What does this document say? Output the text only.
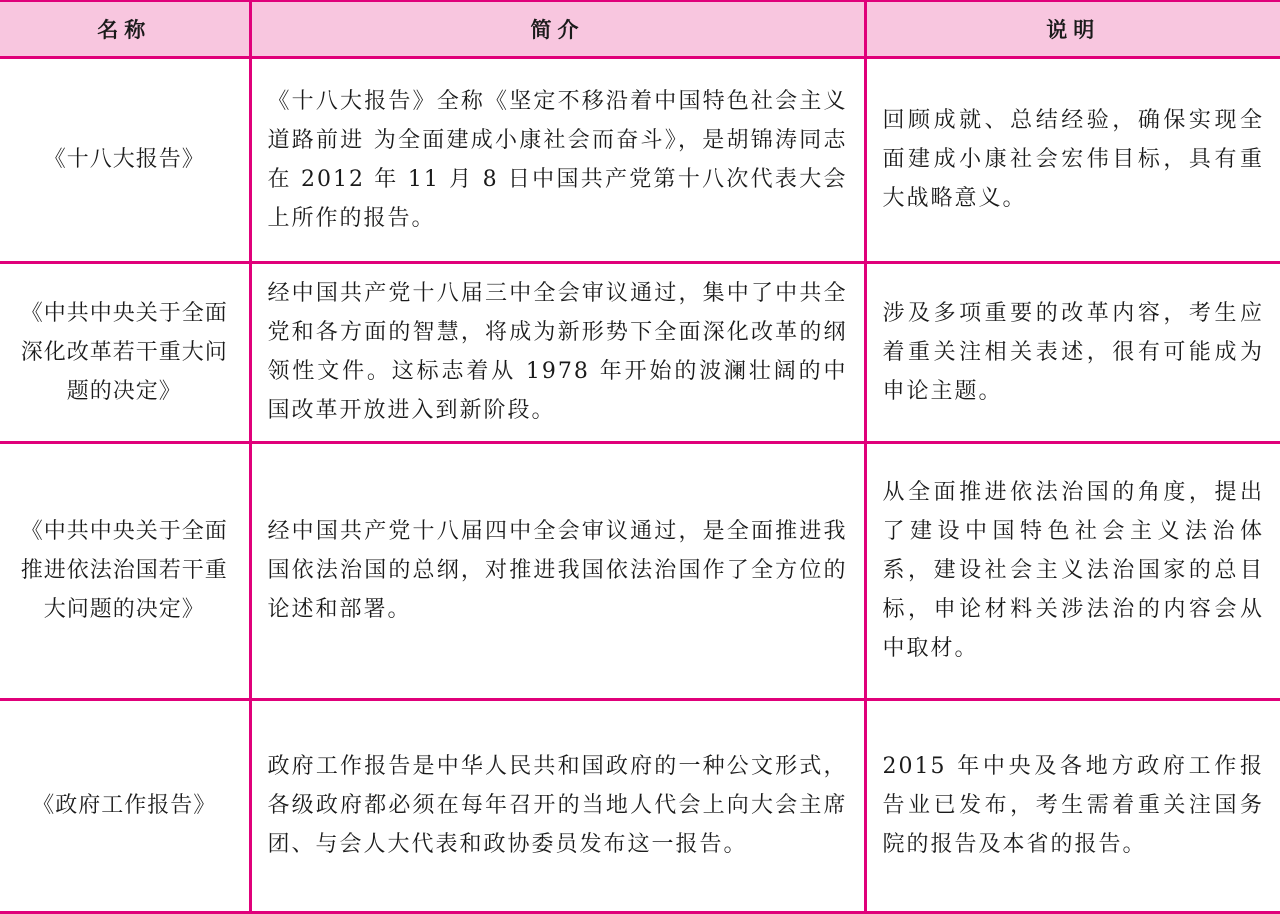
名称	简介	说明
《十八大报告》	《十八大报告》全称《坚定不移沿着中国特色社会主义道路前进 为全面建成小康社会而奋斗》，是胡锦涛同志在 2012 年 11 月 8 日中国共产党第十八次代表大会上所作的报告。	回顾成就、总结经验，确保实现全面建成小康社会宏伟目标，具有重大战略意义。
《中共中央关于全面深化改革若干重大问题的决定》	经中国共产党十八届三中全会审议通过，集中了中共全党和各方面的智慧，将成为新形势下全面深化改革的纲领性文件。这标志着从 1978 年开始的波澜壮阔的中国改革开放进入到新阶段。	涉及多项重要的改革内容，考生应着重关注相关表述，很有可能成为申论主题。
《中共中央关于全面推进依法治国若干重大问题的决定》	经中国共产党十八届四中全会审议通过，是全面推进我国依法治国的总纲，对推进我国依法治国作了全方位的论述和部署。	从全面推进依法治国的角度，提出了建设中国特色社会主义法治体系，建设社会主义法治国家的总目标，申论材料关涉法治的内容会从中取材。
《政府工作报告》	政府工作报告是中华人民共和国政府的一种公文形式，各级政府都必须在每年召开的当地人代会上向大会主席团、与会人大代表和政协委员发布这一报告。	2015 年中央及各地方政府工作报告业已发布，考生需着重关注国务院的报告及本省的报告。
